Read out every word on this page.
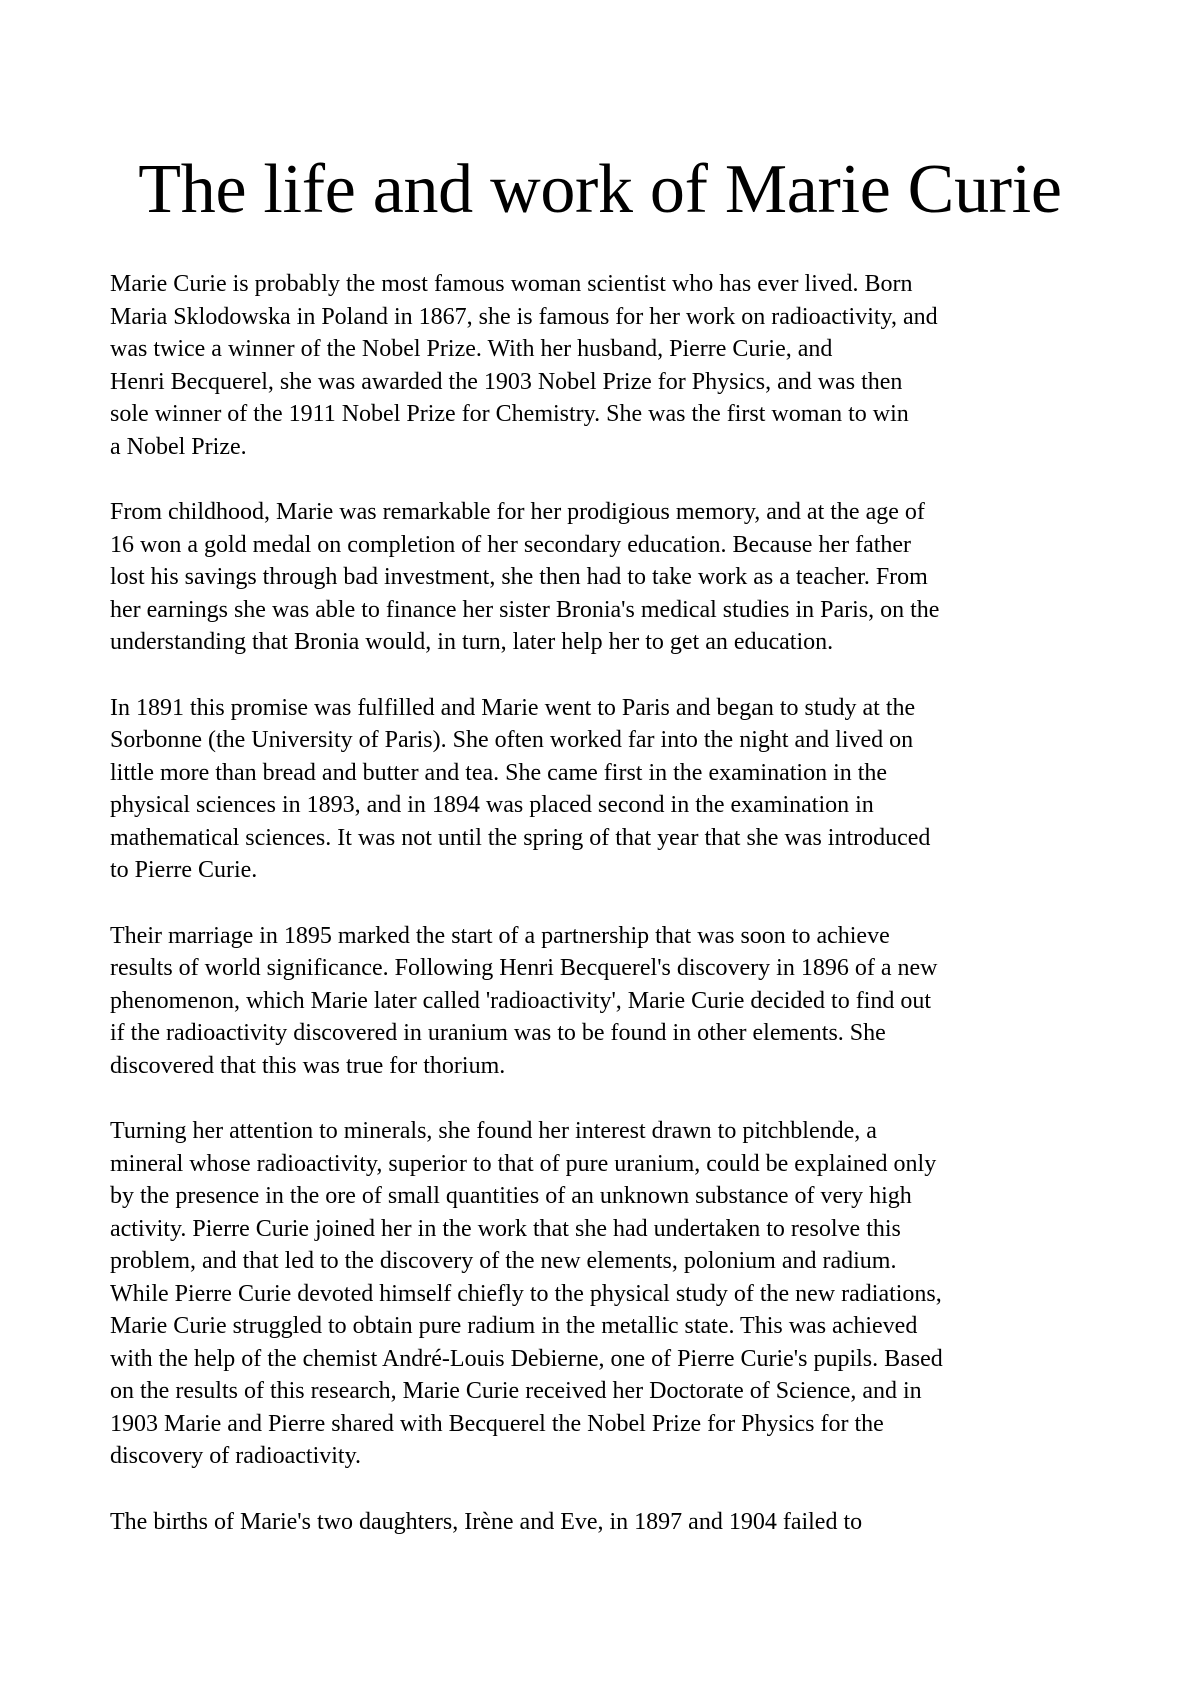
The life and work of Marie Curie

Marie Curie is probably the most famous woman scientist who has ever lived. Born
Maria Sklodowska in Poland in 1867, she is famous for her work on radioactivity, and
was twice a winner of the Nobel Prize. With her husband, Pierre Curie, and
Henri Becquerel, she was awarded the 1903 Nobel Prize for Physics, and was then
sole winner of the 1911 Nobel Prize for Chemistry. She was the first woman to win
a Nobel Prize.

From childhood, Marie was remarkable for her prodigious memory, and at the age of
16 won a gold medal on completion of her secondary education. Because her father
lost his savings through bad investment, she then had to take work as a teacher. From
her earnings she was able to finance her sister Bronia's medical studies in Paris, on the
understanding that Bronia would, in turn, later help her to get an education.

In 1891 this promise was fulfilled and Marie went to Paris and began to study at the
Sorbonne (the University of Paris). She often worked far into the night and lived on
little more than bread and butter and tea. She came first in the examination in the
physical sciences in 1893, and in 1894 was placed second in the examination in
mathematical sciences. It was not until the spring of that year that she was introduced
to Pierre Curie.

Their marriage in 1895 marked the start of a partnership that was soon to achieve
results of world significance. Following Henri Becquerel's discovery in 1896 of a new
phenomenon, which Marie later called 'radioactivity', Marie Curie decided to find out
if the radioactivity discovered in uranium was to be found in other elements. She
discovered that this was true for thorium.

Turning her attention to minerals, she found her interest drawn to pitchblende, a
mineral whose radioactivity, superior to that of pure uranium, could be explained only
by the presence in the ore of small quantities of an unknown substance of very high
activity. Pierre Curie joined her in the work that she had undertaken to resolve this
problem, and that led to the discovery of the new elements, polonium and radium.
While Pierre Curie devoted himself chiefly to the physical study of the new radiations,
Marie Curie struggled to obtain pure radium in the metallic state. This was achieved
with the help of the chemist André-Louis Debierne, one of Pierre Curie's pupils. Based
on the results of this research, Marie Curie received her Doctorate of Science, and in
1903 Marie and Pierre shared with Becquerel the Nobel Prize for Physics for the
discovery of radioactivity.

The births of Marie's two daughters, Irène and Eve, in 1897 and 1904 failed to
